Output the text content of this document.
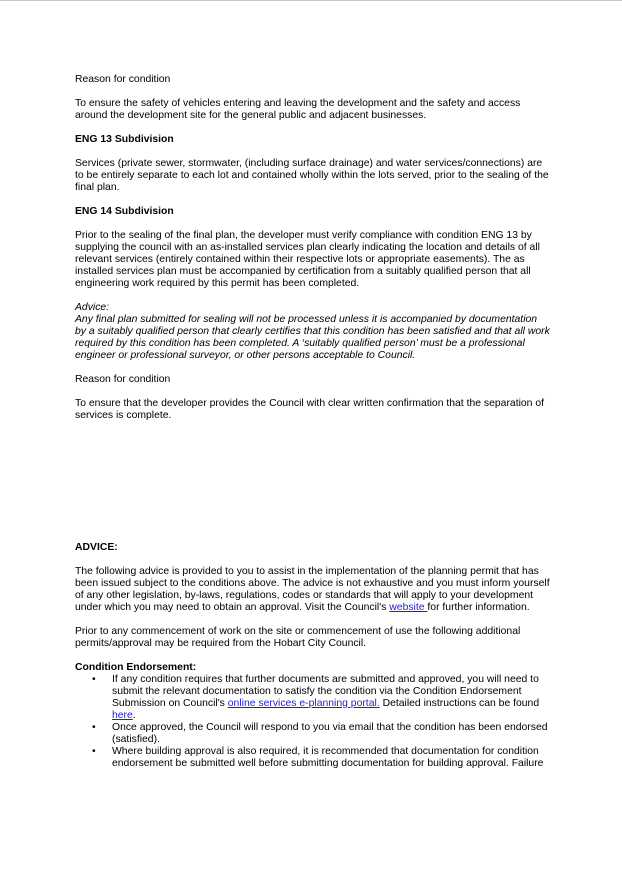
Reason for condition

To ensure the safety of vehicles entering and leaving the development and the safety and access around the development site for the general public and adjacent businesses.

ENG 13 Subdivision

Services (private sewer, stormwater, (including surface drainage) and water services/connections) are to be entirely separate to each lot and contained wholly within the lots served, prior to the sealing of the final plan.

ENG 14 Subdivision

Prior to the sealing of the final plan, the developer must verify compliance with condition ENG 13 by supplying the council with an as-installed services plan clearly indicating the location and details of all relevant services (entirely contained within their respective lots or appropriate easements). The as installed services plan must be accompanied by certification from a suitably qualified person that all engineering work required by this permit has been completed.

Advice:

Any final plan submitted for sealing will not be processed unless it is accompanied by documentation by a suitably qualified person that clearly certifies that this condition has been satisfied and that all work required by this condition has been completed. A ‘suitably qualified person’ must be a professional engineer or professional surveyor, or other persons acceptable to Council.

Reason for condition

To ensure that the developer provides the Council with clear written confirmation that the separation of services is complete.

ADVICE:

The following advice is provided to you to assist in the implementation of the planning permit that has been issued subject to the conditions above. The advice is not exhaustive and you must inform yourself of any other legislation, by-laws, regulations, codes or standards that will apply to your development under which you may need to obtain an approval. Visit the Council's website for further information.

Prior to any commencement of work on the site or commencement of use the following additional permits/approval may be required from the Hobart City Council.

Condition Endorsement:

• If any condition requires that further documents are submitted and approved, you will need to submit the relevant documentation to satisfy the condition via the Condition Endorsement Submission on Council's online services e-planning portal. Detailed instructions can be found here.
• Once approved, the Council will respond to you via email that the condition has been endorsed (satisfied).
• Where building approval is also required, it is recommended that documentation for condition endorsement be submitted well before submitting documentation for building approval. Failure
